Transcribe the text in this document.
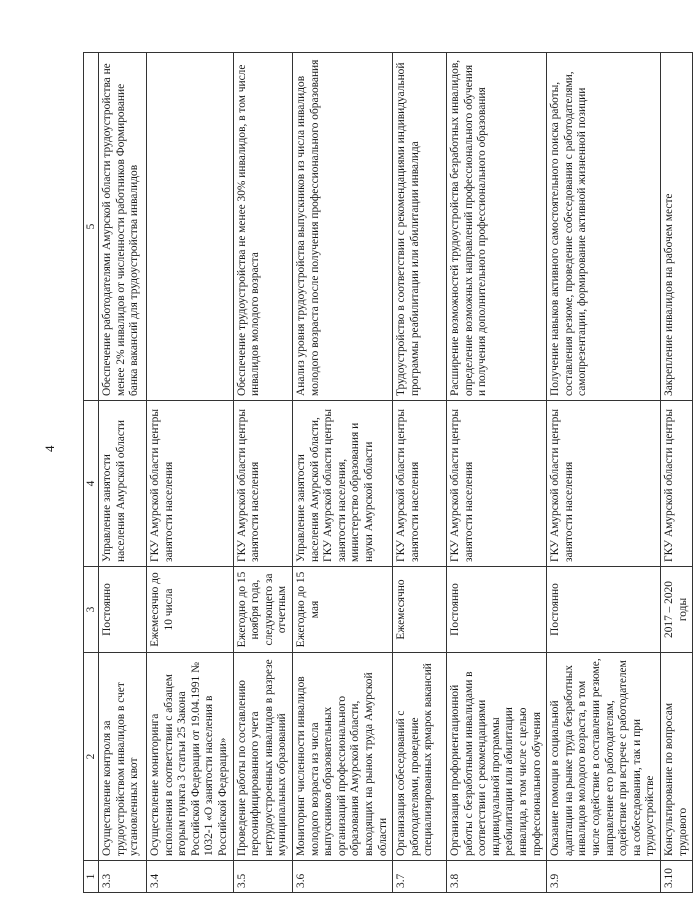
4
1	2	3	4	5
3.3	Осуществление контроля за трудоустройством инвалидов в счет установленных квот	Постоянно	Управление занятости населения Амурской области	Обеспечение работодателями Амурской области трудоустройства не менее 2% инвалидов от численности работников Формирование банка вакансий для трудоустройства инвалидов
3.4	Осуществление мониторинга исполнения в соответствии с абзацем вторым пункта 3 статьи 25 Закона Российской Федерации от 19.04.1991 № 1032-1 «О занятости населения в Российской Федерации»	Ежемесячно до 10 числа	ГКУ Амурской области центры занятости населения	
3.5	Проведение работы по составлению персонифицированного учета нетрудоустроенных инвалидов в разрезе муниципальных образований	Ежегодно до 15 ноября года, следующего за отчетным	ГКУ Амурской области центры занятости населения	Обеспечение трудоустройства не менее 30% инвалидов, в том числе инвалидов молодого возраста
3.6	Мониторинг численности инвалидов молодого возраста из числа выпускников образовательных организаций профессионального образования Амурской области, выходящих на рынок труда Амурской области	Ежегодно до 15 мая	Управление занятости населения Амурской области, ГКУ Амурской области центры занятости населения, министерство образования и науки Амурской области	Анализ уровня трудоустройства выпускников из числа инвалидов молодого возраста после получения профессионального образования
3.7	Организация собеседований с работодателями, проведение специализированных ярмарок вакансий	Ежемесячно	ГКУ Амурской области центры занятости населения	Трудоустройство в соответствии с рекомендациями индивидуальной программы реабилитации или абилитации инвалида
3.8	Организация профориентационной работы с безработными инвалидами в соответствии с рекомендациями индивидуальной программы реабилитации или абилитации инвалида, в том числе с целью профессионального обучения	Постоянно	ГКУ Амурской области центры занятости населения	Расширение возможностей трудоустройства безработных инвалидов, определение возможных направлений профессионального обучения и получения дополнительного профессионального образования
3.9	Оказание помощи в социальной адаптации на рынке труда безработных инвалидов молодого возраста, в том числе содействие в составлении резюме, направление его работодателям, содействие при встрече с работодателем на собеседовании, так и при трудоустройстве	Постоянно	ГКУ Амурской области центры занятости населения	Получение навыков активного самостоятельного поиска работы, составления резюме, проведение собеседования с работодателями, самопрезентации, формирование активной жизненной позиции
3.10	Консультирование по вопросам трудового	2017 – 2020 годы	ГКУ Амурской области центры	Закрепление инвалидов на рабочем месте
